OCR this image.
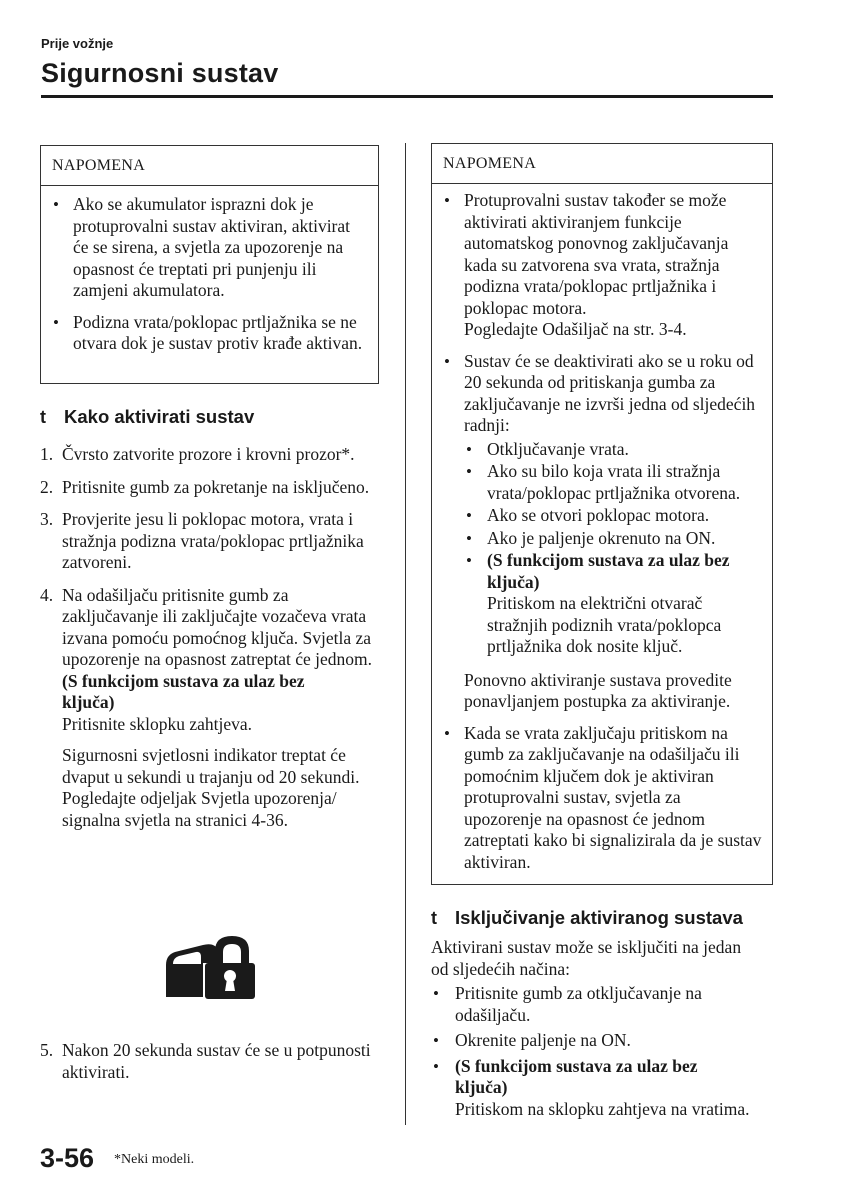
Prije vožnje
Sigurnosni sustav
NAPOMENA
• Ako se akumulator isprazni dok je protuprovalni sustav aktiviran, aktivirat će se sirena, a svjetla za upozorenje na opasnost će treptati pri punjenju ili zamjeni akumulatora.
• Podizna vrata/poklopac prtljažnika se ne otvara dok je sustav protiv krađe aktivan.
t Kako aktivirati sustav
1. Čvrsto zatvorite prozore i krovni prozor*.
2. Pritisnite gumb za pokretanje na isključeno.
3. Provjerite jesu li poklopac motora, vrata i stražnja podizna vrata/poklopac prtljažnika zatvoreni.
4. Na odašiljaču pritisnite gumb za zaključavanje ili zaključajte vozačeva vrata izvana pomoću pomoćnog ključa. Svjetla za upozorenje na opasnost zatreptat će jednom.
(S funkcijom sustava za ulaz bez ključa)
Pritisnite sklopku zahtjeva.
Sigurnosni svjetlosni indikator treptat će dvaput u sekundi u trajanju od 20 sekundi. Pogledajte odjeljak Svjetla upozorenja/ signalna svjetla na stranici 4-36.
5. Nakon 20 sekunda sustav će se u potpunosti aktivirati.
NAPOMENA
• Protuprovalni sustav također se može aktivirati aktiviranjem funkcije automatskog ponovnog zaključavanja kada su zatvorena sva vrata, stražnja podizna vrata/poklopac prtljažnika i poklopac motora.
Pogledajte Odašiljač na str. 3-4.
• Sustav će se deaktivirati ako se u roku od 20 sekunda od pritiskanja gumba za zaključavanje ne izvrši jedna od sljedećih radnji:
• Otključavanje vrata.
• Ako su bilo koja vrata ili stražnja vrata/poklopac prtljažnika otvorena.
• Ako se otvori poklopac motora.
• Ako je paljenje okrenuto na ON.
• (S funkcijom sustava za ulaz bez ključa)
Pritiskom na električni otvarač stražnjih podiznih vrata/poklopca prtljažnika dok nosite ključ.
Ponovno aktiviranje sustava provedite ponavljanjem postupka za aktiviranje.
• Kada se vrata zaključaju pritiskom na gumb za zaključavanje na odašiljaču ili pomoćnim ključem dok je aktiviran protuprovalni sustav, svjetla za upozorenje na opasnost će jednom zatreptati kako bi signalizirala da je sustav aktiviran.
t Isključivanje aktiviranog sustava
Aktivirani sustav može se isključiti na jedan od sljedećih načina:
• Pritisnite gumb za otključavanje na odašiljaču.
• Okrenite paljenje na ON.
• (S funkcijom sustava za ulaz bez ključa)
Pritiskom na sklopku zahtjeva na vratima.
3-56 *Neki modeli.
